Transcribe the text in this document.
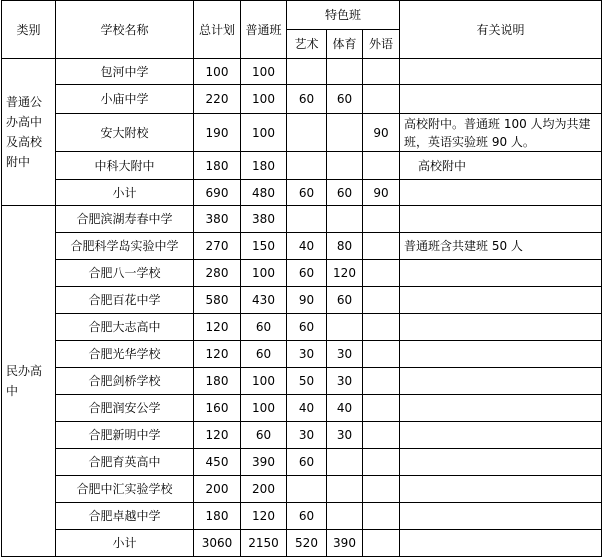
类别	学校名称	总计划	普通班	特色班			有关说明
				艺术	体育	外语	
普通公办高中及高校附中	包河中学	100	100				
	小庙中学	220	100	60	60		
	安大附校	190	100			90	高校附中。普通班 100 人均为共建班，英语实验班 90 人。
	中科大附中	180	180				高校附中
	小计	690	480	60	60	90	
民办高中	合肥滨湖寿春中学	380	380				
	合肥科学岛实验中学	270	150	40	80		普通班含共建班 50 人
	合肥八一学校	280	100	60	120		
	合肥百花中学	580	430	90	60		
	合肥大志高中	120	60	60			
	合肥光华学校	120	60	30	30		
	合肥剑桥学校	180	100	50	30		
	合肥润安公学	160	100	40	40		
	合肥新明中学	120	60	30	30		
	合肥育英高中	450	390	60			
	合肥中汇实验学校	200	200				
	合肥卓越中学	180	120	60			
	小计	3060	2150	520	390		
